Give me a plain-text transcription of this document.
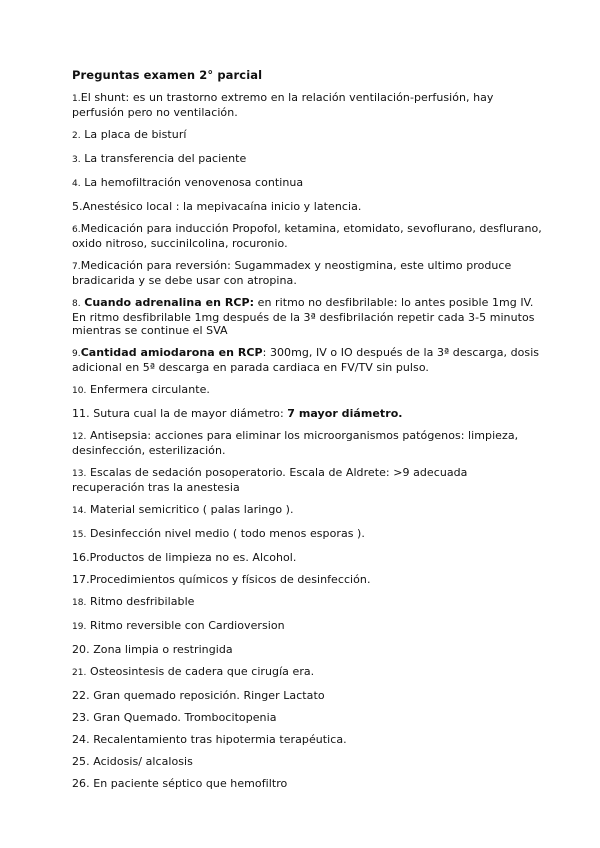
Preguntas examen 2° parcial
1.El shunt: es un trastorno extremo en la relación ventilación-perfusión, hay perfusión pero no ventilación.
2. La placa de bisturí
3. La transferencia del paciente
4. La hemofiltración venovenosa continua
5.Anestésico local : la mepivacaína inicio y latencia.
6.Medicación para inducción Propofol, ketamina, etomidato, sevoflurano, desflurano, oxido nitroso, succinilcolina, rocuronio.
7.Medicación para reversión: Sugammadex y neostigmina, este ultimo produce bradicarida y se debe usar con atropina.
8. Cuando adrenalina en RCP: en ritmo no desfibrilable: lo antes posible 1mg IV. En ritmo desfibrilable 1mg después de la 3ª desfibrilación repetir cada 3-5 minutos mientras se continue el SVA
9.Cantidad amiodarona en RCP: 300mg, IV o IO después de la 3ª descarga, dosis adicional en 5ª descarga en parada cardiaca en FV/TV sin pulso.
10. Enfermera circulante.
11. Sutura cual la de mayor diámetro: 7 mayor diámetro.
12. Antisepsia: acciones para eliminar los microorganismos patógenos: limpieza, desinfección, esterilización.
13. Escalas de sedación posoperatorio. Escala de Aldrete: >9 adecuada recuperación tras la anestesia
14. Material semicritico ( palas laringo ).
15. Desinfección nivel medio ( todo menos esporas ).
16.Productos de limpieza no es. Alcohol.
17.Procedimientos químicos y físicos de desinfección.
18. Ritmo desfribilable
19. Ritmo reversible con Cardioversion
20. Zona limpia o restringida
21. Osteosintesis de cadera que cirugía era.
22. Gran quemado reposición. Ringer Lactato
23. Gran Quemado. Trombocitopenia
24. Recalentamiento tras hipotermia terapéutica.
25. Acidosis/ alcalosis
26. En paciente séptico que hemofiltro
